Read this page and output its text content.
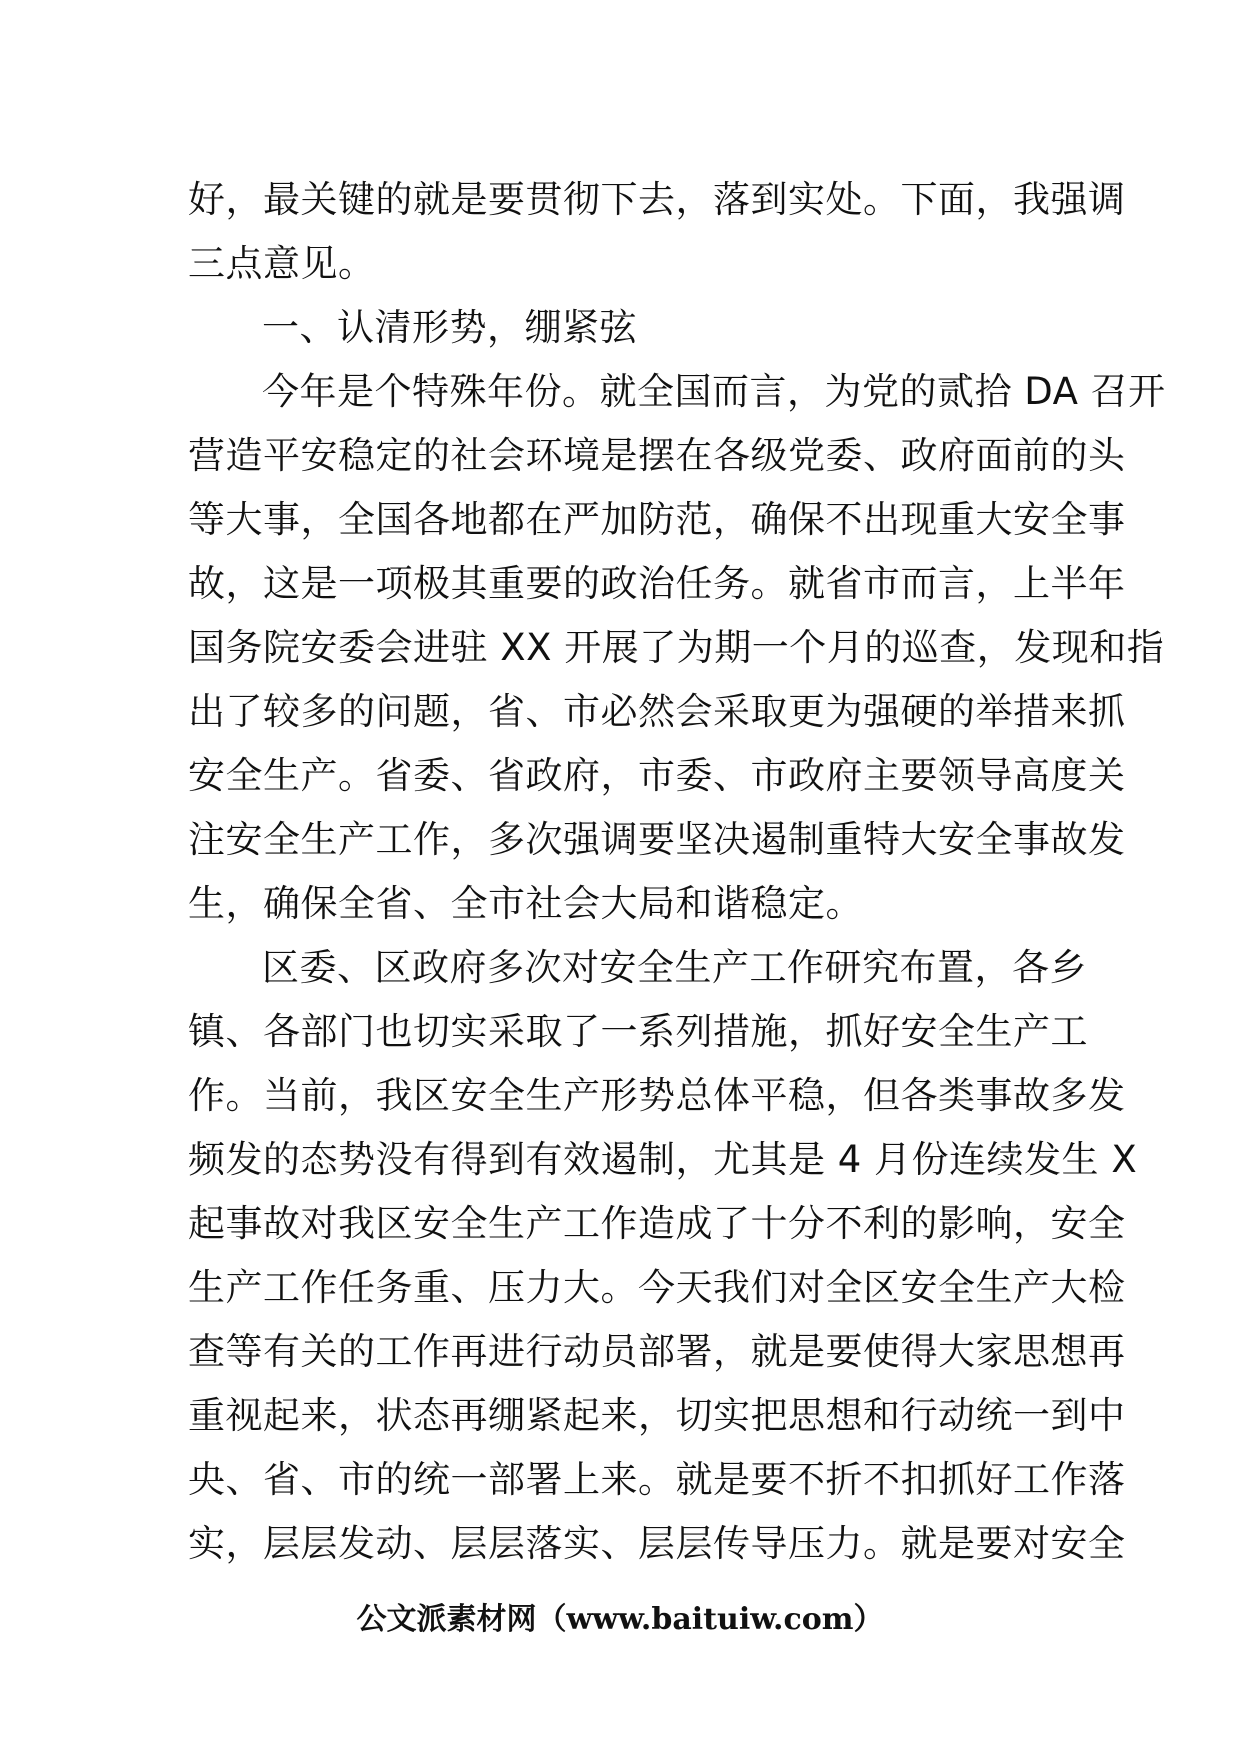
好，最关键的就是要贯彻下去，落到实处。下面，我强调
三点意见。
一、认清形势，绷紧弦
今年是个特殊年份。就全国而言，为党的贰拾 DA 召开
营造平安稳定的社会环境是摆在各级党委、政府面前的头
等大事，全国各地都在严加防范，确保不出现重大安全事
故，这是一项极其重要的政治任务。就省市而言，上半年
国务院安委会进驻 XX 开展了为期一个月的巡查，发现和指
出了较多的问题，省、市必然会采取更为强硬的举措来抓
安全生产。省委、省政府，市委、市政府主要领导高度关
注安全生产工作，多次强调要坚决遏制重特大安全事故发
生，确保全省、全市社会大局和谐稳定。
区委、区政府多次对安全生产工作研究布置，各乡
镇、各部门也切实采取了一系列措施，抓好安全生产工
作。当前，我区安全生产形势总体平稳，但各类事故多发
频发的态势没有得到有效遏制，尤其是 4 月份连续发生 X
起事故对我区安全生产工作造成了十分不利的影响，安全
生产工作任务重、压力大。今天我们对全区安全生产大检
查等有关的工作再进行动员部署，就是要使得大家思想再
重视起来，状态再绷紧起来，切实把思想和行动统一到中
央、省、市的统一部署上来。就是要不折不扣抓好工作落
实，层层发动、层层落实、层层传导压力。就是要对安全
公文派素材网（www.baituiw.com）
